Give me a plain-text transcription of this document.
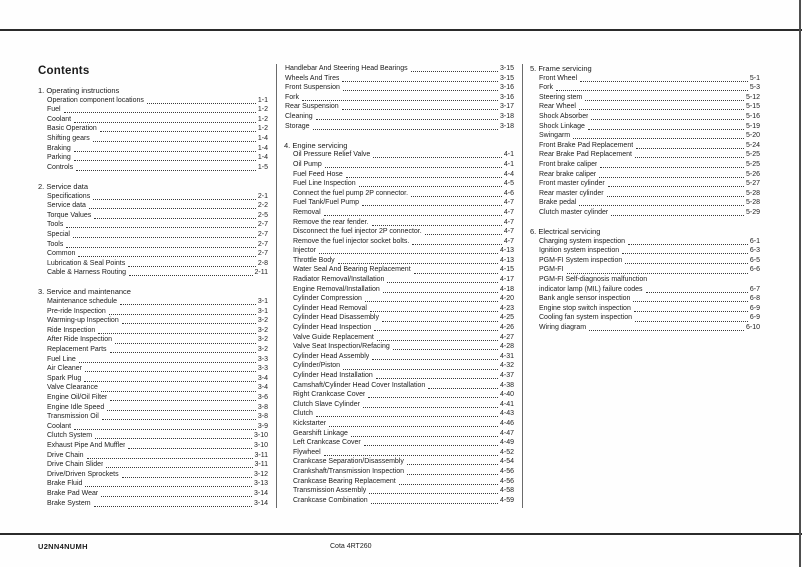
Contents
1. Operating instructions
Operation component locations	1-1
Fuel	1-2
Coolant	1-2
Basic Operation	1-2
Shifting gears	1-4
Braking	1-4
Parking	1-4
Controls	1-5
2. Service data
Specifications	2-1
Service data	2-2
Torque Values	2-5
Tools	2-7
Special	2-7
Tools	2-7
Common	2-7
Lubrication & Seal Points	2-8
Cable & Harness Routing	2-11
3. Service and maintenance
Maintenance schedule	3-1
Pre-ride Inspection	3-1
Warming-up Inspection	3-2
Ride Inspection	3-2
After Ride Inspection	3-2
Replacement Parts	3-2
Fuel Line	3-3
Air Cleaner	3-3
Spark Plug	3-4
Valve Clearance	3-4
Engine Oil/Oil Filter	3-6
Engine Idle Speed	3-8
Transmission Oil	3-8
Coolant	3-9
Clutch System	3-10
Exhaust Pipe And Muffler	3-10
Drive Chain	3-11
Drive Chain Slider	3-11
Drive/Driven Sprockets	3-12
Brake Fluid	3-13
Brake Pad Wear	3-14
Brake System	3-14
Handlebar And Steering Head Bearings	3-15
Wheels And Tires	3-15
Front Suspension	3-16
Fork	3-16
Rear Suspension	3-17
Cleaning	3-18
Storage	3-18
4. Engine servicing
Oil Pressure Relief Valve	4-1
Oil Pump	4-1
Fuel Feed Hose	4-4
Fuel Line Inspection	4-5
Connect the fuel pump 2P connector.	4-6
Fuel Tank/Fuel Pump	4-7
Removal	4-7
Remove the rear fender.	4-7
Disconnect the fuel injector 2P connector.	4-7
Remove the fuel injector socket bolts.	4-7
Injector	4-13
Throttle Body	4-13
Water Seal And Bearing Replacement	4-15
Radiator Removal/Installation	4-17
Engine Removal/Installation	4-18
Cylinder Compression	4-20
Cylinder Head Removal	4-23
Cylinder Head Disassembly	4-25
Cylinder Head Inspection	4-26
Valve Guide Replacement	4-27
Valve Seat Inspection/Refacing	4-28
Cylinder Head Assembly	4-31
Cylinder/Piston	4-32
Cylinder Head Installation	4-37
Camshaft/Cylinder Head Cover Installation	4-38
Right Crankcase Cover	4-40
Clutch Slave Cylinder	4-41
Clutch	4-43
Kickstarter	4-46
Gearshift Linkage	4-47
Left Crankcase Cover	4-49
Flywheel	4-52
Crankcase Separation/Disassembly	4-54
Crankshaft/Transmission Inspection	4-56
Crankcase Bearing Replacement	4-56
Transmission Assembly	4-58
Crankcase Combination	4-59
5. Frame servicing
Front Wheel	5-1
Fork	5-3
Steering stem	5-12
Rear Wheel	5-15
Shock Absorber	5-16
Shock Linkage	5-19
Swingarm	5-20
Front Brake Pad Replacement	5-24
Rear Brake Pad Replacement	5-25
Front brake caliper	5-25
Rear brake caliper	5-26
Front master cylinder	5-27
Rear master cylinder	5-28
Brake pedal	5-28
Clutch master cylinder	5-29
6. Electrical servicing
Charging system inspection	6-1
Ignition system inspection	6-3
PGM-FI System inspection	6-5
PGM-FI	6-6
PGM-FI Self-diagnosis malfunction
indicator lamp (MIL) failure codes	6-7
Bank angle sensor inspection	6-8
Engine stop switch inspection	6-9
Cooling fan system inspection	6-9
Wiring diagram	6-10
U2NN4NUMH	Cota 4RT260
